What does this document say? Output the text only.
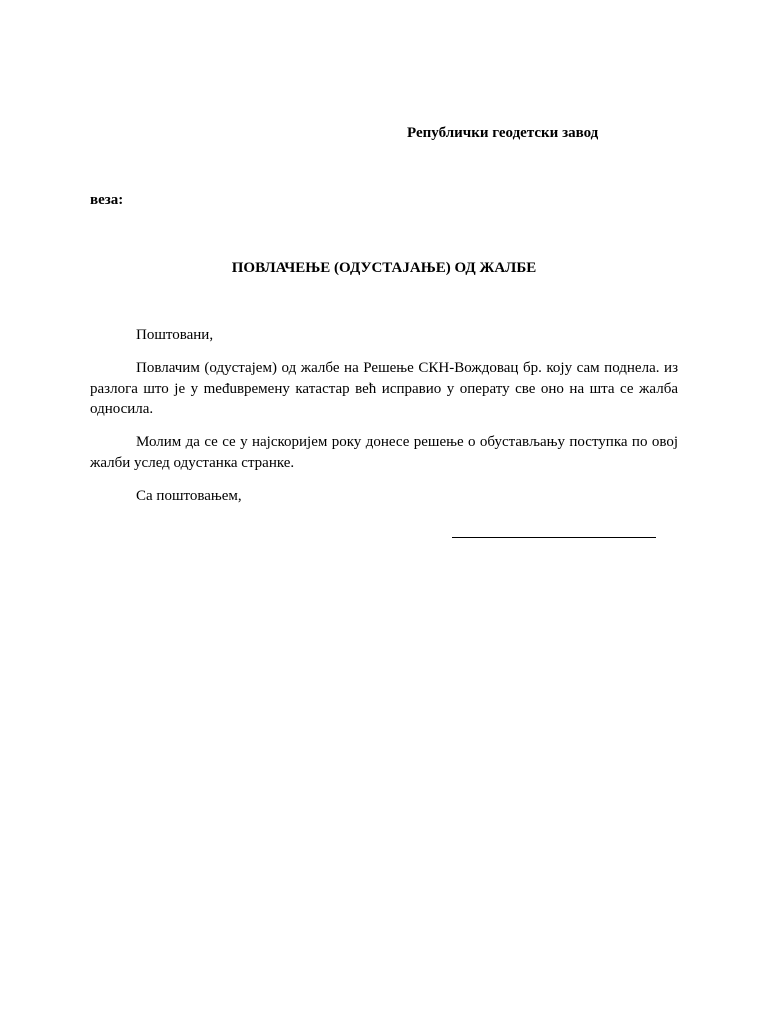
Републички геодетски завод
веза:
ПОВЛАЧЕЊЕ (ОДУСТАЈАЊЕ) ОД ЖАЛБЕ

Поштовани,

Повлачим (одустајем) од жалбе на Решење СКН-Вождовац бр. коју сам поднела. из разлога што је у međuвремену катастар већ исправио у операту све оно на шта се жалба односила.

Молим да се се у најскоријем року донесе решење о обустављању поступка по овој жалби услед одустанка странке.

Са поштовањем,
